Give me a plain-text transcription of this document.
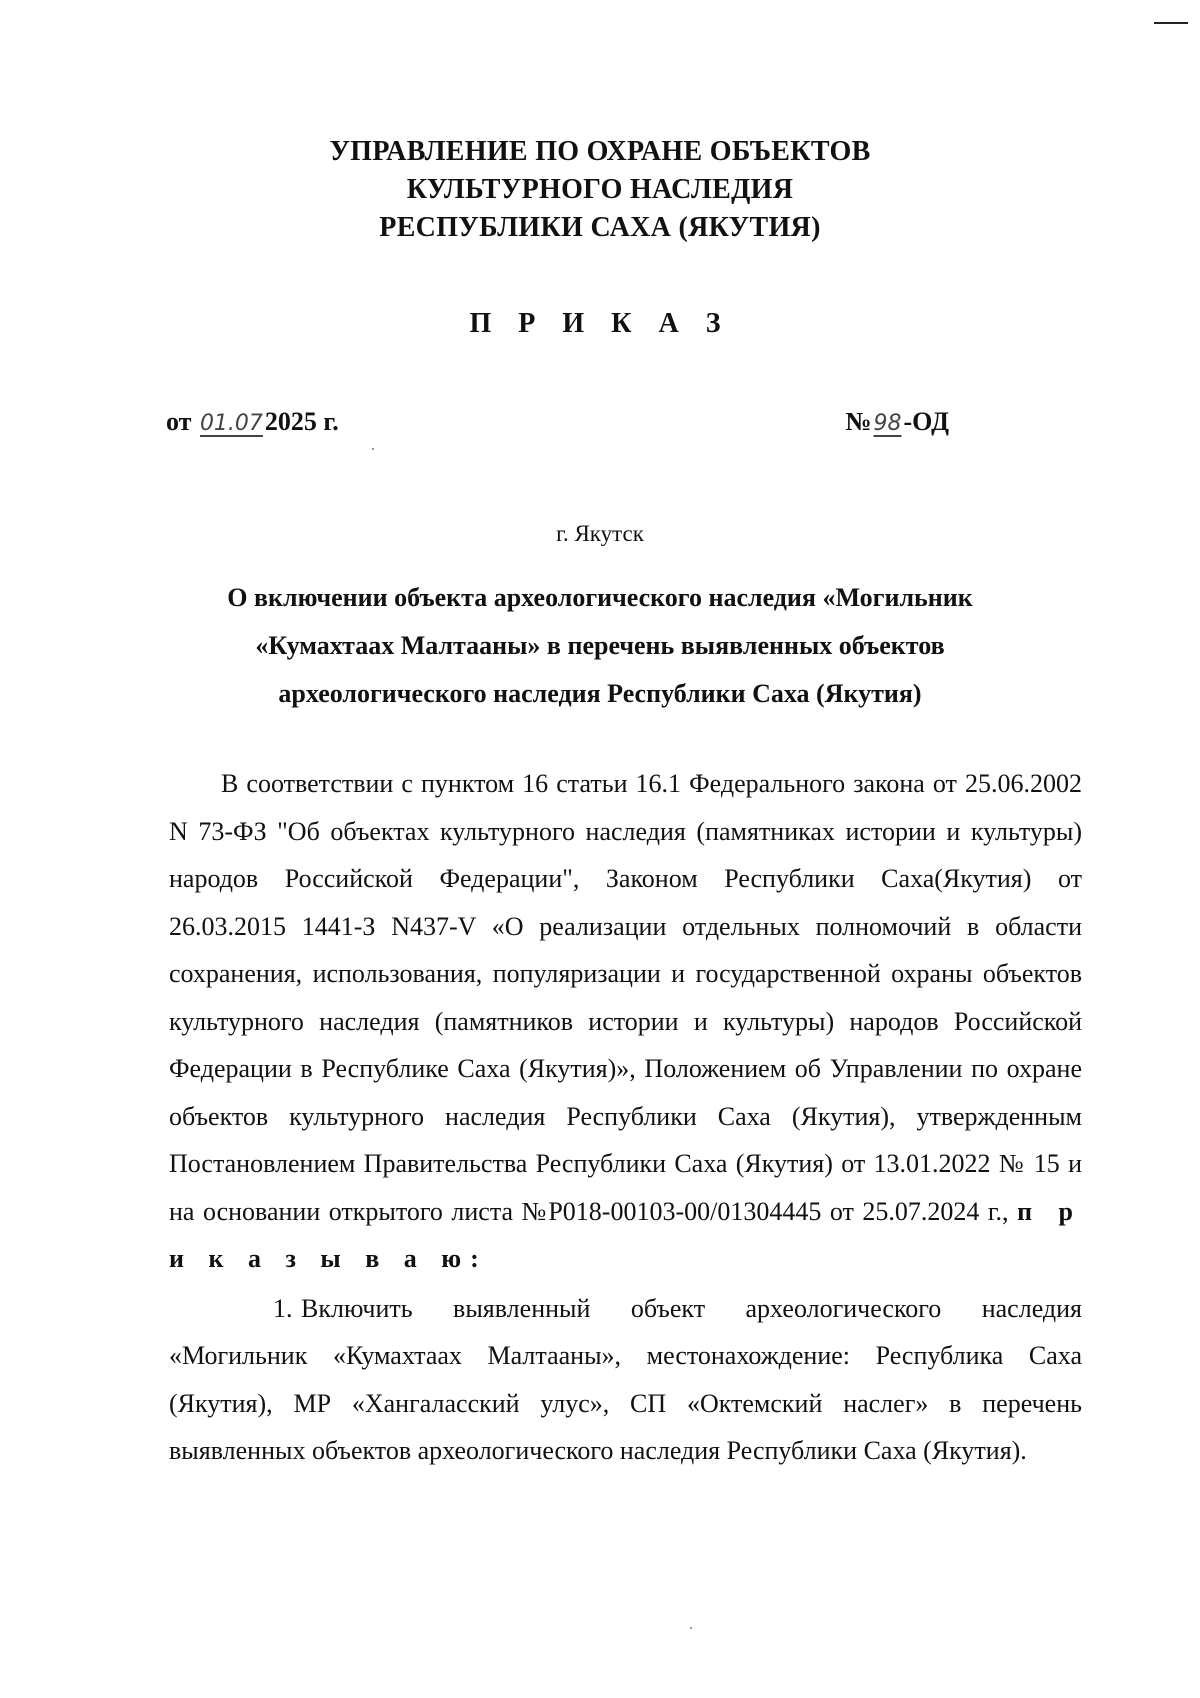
УПРАВЛЕНИЕ ПО ОХРАНЕ ОБЪЕКТОВ
КУЛЬТУРНОГО НАСЛЕДИЯ
РЕСПУБЛИКИ САХА (ЯКУТИЯ)
П Р И К А З
от 01.072025 г.	№98-ОД
г. Якутск
О включении объекта археологического наследия «Могильник
«Кумахтаах Малтааны» в перечень выявленных объектов
археологического наследия Республики Саха (Якутия)

В соответствии с пунктом 16 статьи 16.1 Федерального закона от 25.06.2002 N 73-ФЗ "Об объектах культурного наследия (памятниках истории и культуры) народов Российской Федерации", Законом Республики Саха(Якутия) от 26.03.2015 1441-З N437-V «О реализации отдельных полномочий в области сохранения, использования, популяризации и государственной охраны объектов культурного наследия (памятников истории и культуры) народов Российской Федерации в Республике Саха (Якутия)», Положением об Управлении по охране объектов культурного наследия Республики Саха (Якутия), утвержденным Постановлением Правительства Республики Саха (Якутия) от 13.01.2022 № 15 и на основании открытого листа №Р018-00103-00/01304445 от 25.07.2024 г., п р и к а з ы в а ю:

1. Включить выявленный объект археологического наследия «Могильник «Кумахтаах Малтааны», местонахождение: Республика Саха (Якутия), МР «Хангаласский улус», СП «Октемский наслег» в перечень выявленных объектов археологического наследия Республики Саха (Якутия).
